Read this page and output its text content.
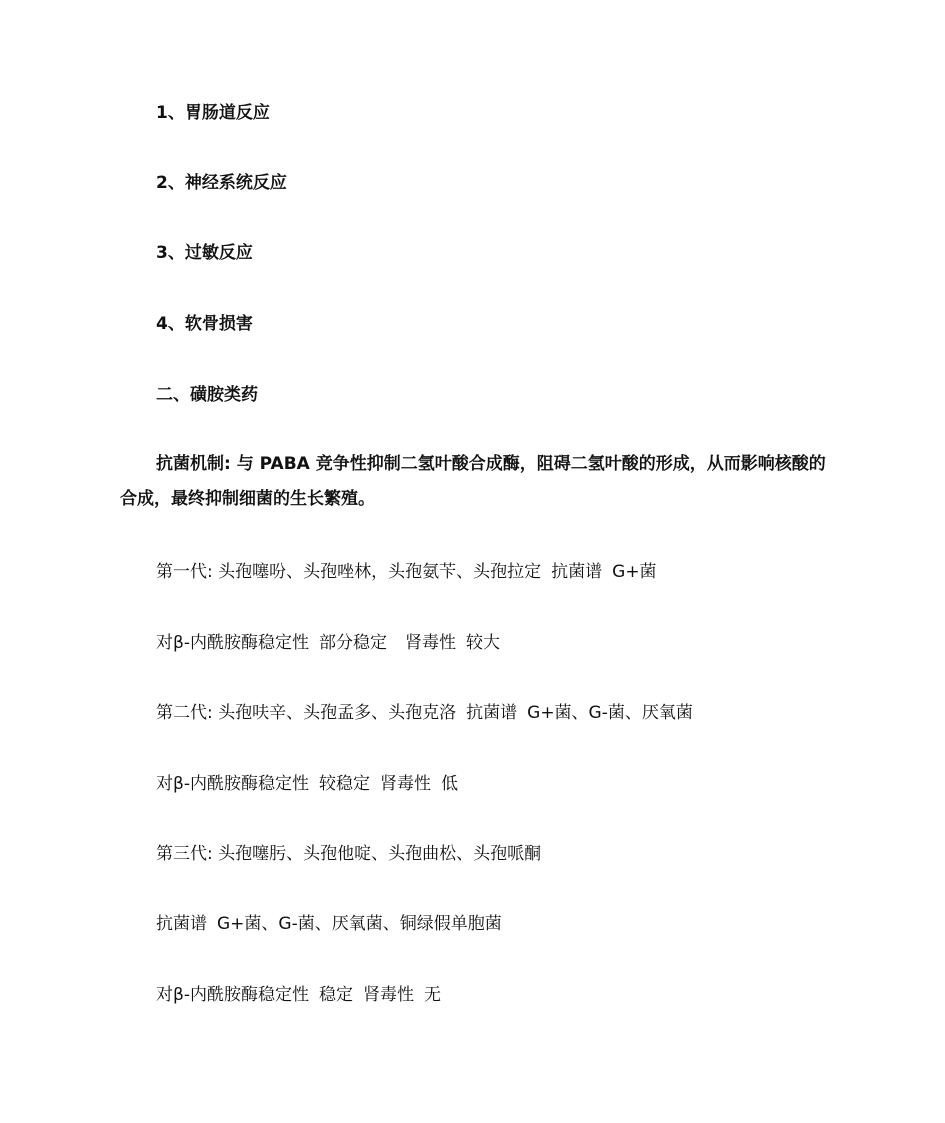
1、胃肠道反应
2、神经系统反应
3、过敏反应
4、软骨损害
二、磺胺类药
抗菌机制: 与 PABA 竞争性抑制二氢叶酸合成酶，阻碍二氢叶酸的形成，从而影响核酸的合成，最终抑制细菌的生长繁殖。
第一代: 头孢噻吩、头孢唑林，头孢氨苄、头孢拉定 抗菌谱 G+菌
对β-内酰胺酶稳定性 部分稳定 肾毒性 较大
第二代: 头孢呋辛、头孢孟多、头孢克洛 抗菌谱 G+菌、G-菌、厌氧菌
对β-内酰胺酶稳定性 较稳定 肾毒性 低
第三代: 头孢噻肟、头孢他啶、头孢曲松、头孢哌酮
抗菌谱 G+菌、G-菌、厌氧菌、铜绿假单胞菌
对β-内酰胺酶稳定性 稳定 肾毒性 无
